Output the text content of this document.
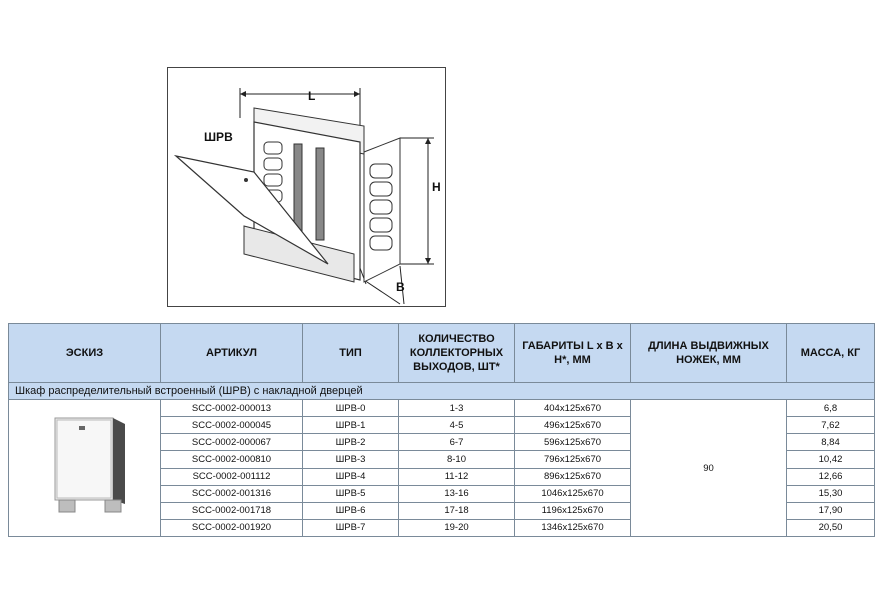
L
H
B
ШРВ
ЭСКИЗ	АРТИКУЛ	ТИП	КОЛИЧЕСТВО КОЛЛЕКТОРНЫХ ВЫХОДОВ, ШТ*	ГАБАРИТЫ L x B x H*, ММ	ДЛИНА ВЫДВИЖНЫХ НОЖЕК, ММ	МАССА, КГ
Шкаф распределительный встроенный (ШРВ) с накладной дверцей						

	SCC-0002-000013	ШРВ-0	1-3	404x125x670	90	6,8
	SCC-0002-000045	ШРВ-1	4-5	496x125x670		7,62
	SCC-0002-000067	ШРВ-2	6-7	596x125x670		8,84
	SCC-0002-000810	ШРВ-3	8-10	796x125x670		10,42
	SCC-0002-001112	ШРВ-4	11-12	896x125x670		12,66
	SCC-0002-001316	ШРВ-5	13-16	1046x125x670		15,30
	SCC-0002-001718	ШРВ-6	17-18	1196x125x670		17,90
	SCC-0002-001920	ШРВ-7	19-20	1346x125x670		20,50
